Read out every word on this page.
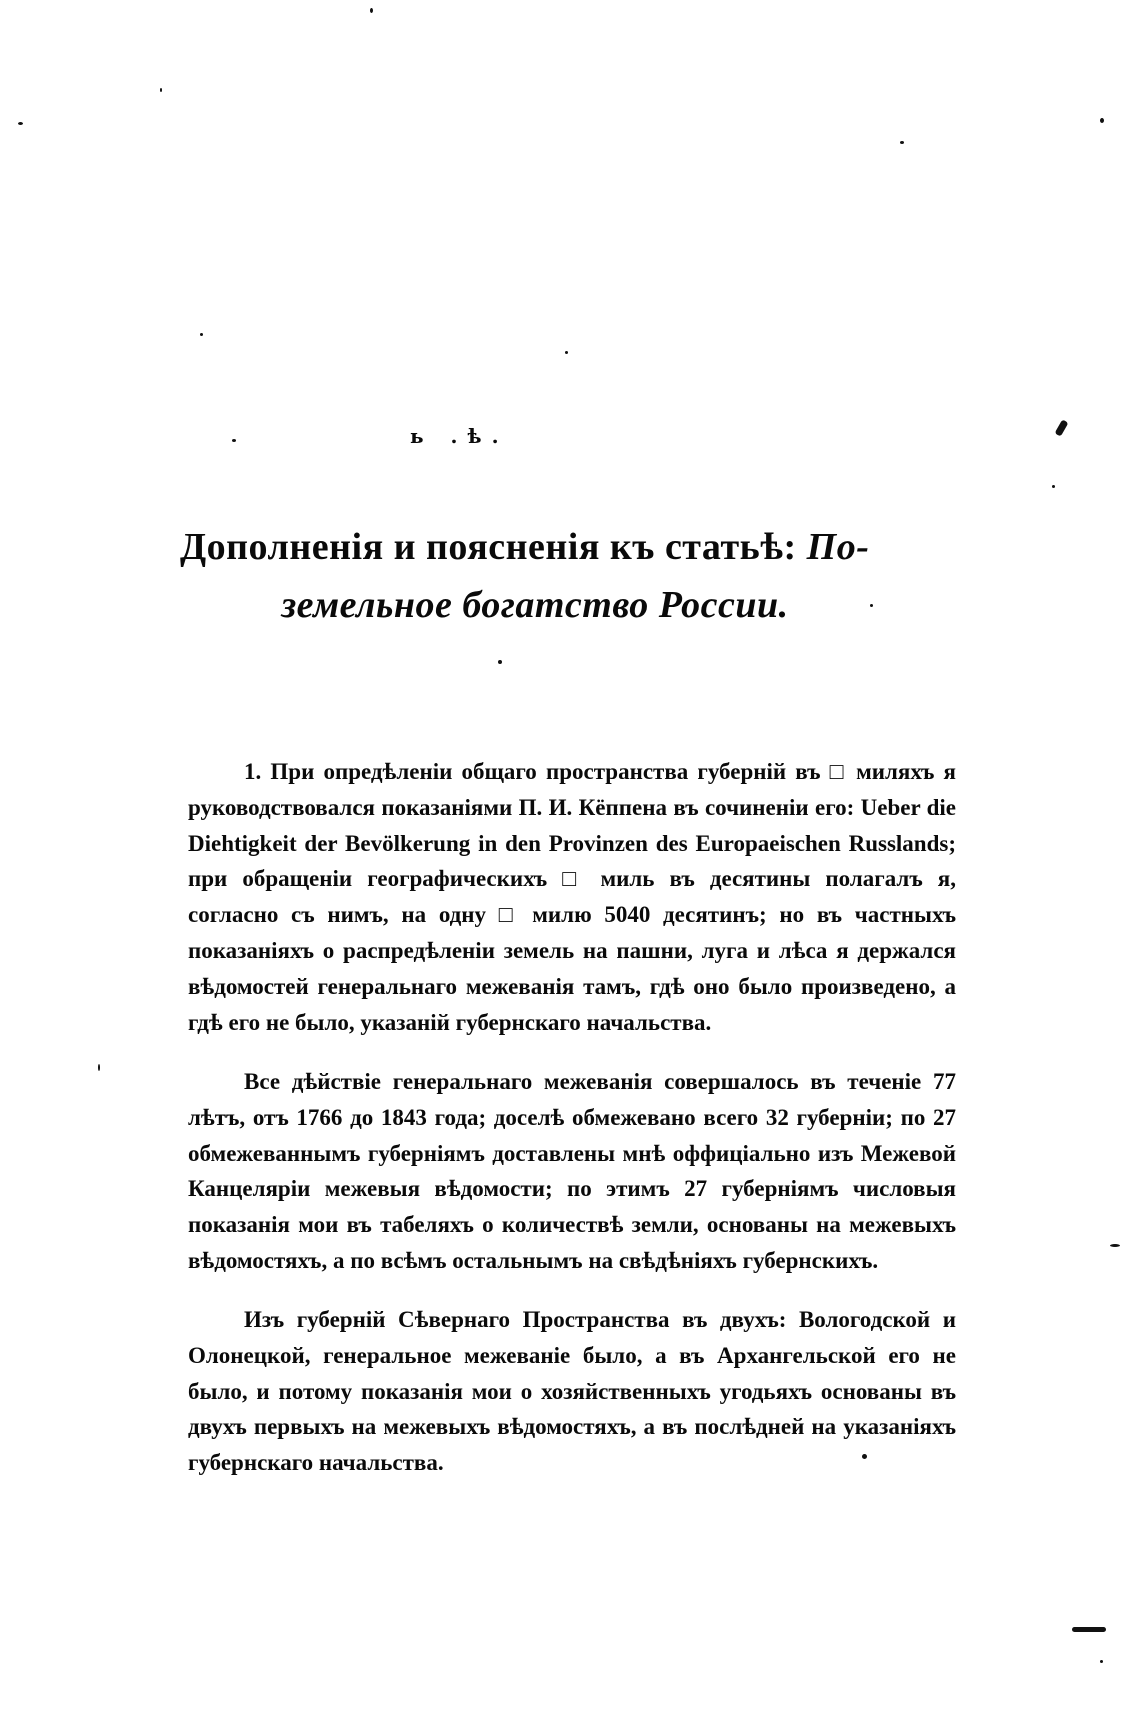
ь .ѣ.
Дополненія и поясненія къ статьѣ: По-
земельное богатство России.

1. При опредѣленіи общаго пространства губерній въ □ миляхъ я руководствовался показаніями П. И. Кёппена въ сочиненіи его: Ueber die Diehtigkeit der Bevölkerung in den Provinzen des Europaeischen Russlands; при обращеніи географическихъ □ миль въ десятины полагалъ я, согласно съ нимъ, на одну □ милю 5040 десятинъ; но въ частныхъ показаніяхъ о распредѣленіи земель на пашни, луга и лѣса я держался вѣдомостей генеральнаго межеванія тамъ, гдѣ оно было произведено, а гдѣ его не было, указаній губернскаго начальства.

Все дѣйствіе генеральнаго межеванія совершалось въ теченіе 77 лѣтъ, отъ 1766 до 1843 года; доселѣ обмежевано всего 32 губерніи; по 27 обмежеваннымъ губерніямъ доставлены мнѣ оффиціально изъ Межевой Канцеляріи межевыя вѣдомости; по этимъ 27 губерніямъ числовыя показанія мои въ табеляхъ о количествѣ земли, основаны на межевыхъ вѣдомостяхъ, а по всѣмъ остальнымъ на свѣдѣніяхъ губернскихъ.

Изъ губерній Сѣвернаго Пространства въ двухъ: Вологодской и Олонецкой, генеральное межеваніе было, а въ Архангельской его не было, и потому показанія мои о хозяйственныхъ угодьяхъ основаны въ двухъ первыхъ на межевыхъ вѣдомостяхъ, а въ послѣдней на указаніяхъ губернскаго начальства.
